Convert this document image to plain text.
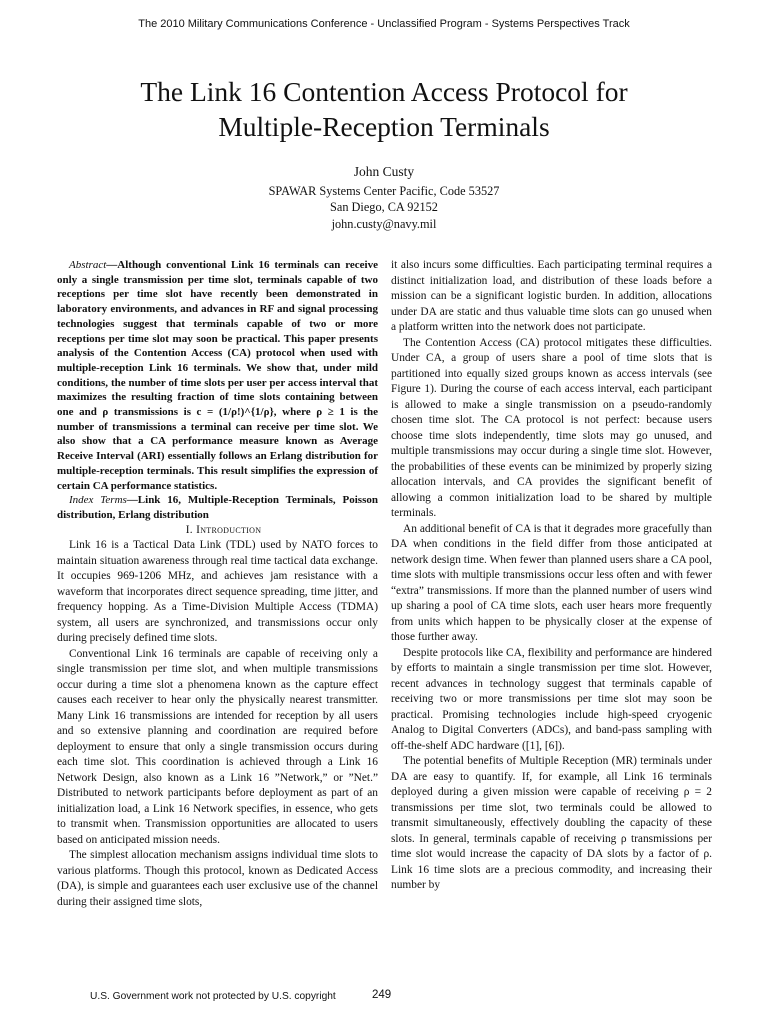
The 2010 Military Communications Conference - Unclassified Program - Systems Perspectives Track
The Link 16 Contention Access Protocol for
Multiple-Reception Terminals
John Custy
SPAWAR Systems Center Pacific, Code 53527
San Diego, CA 92152
john.custy@navy.mil

Abstract—Although conventional Link 16 terminals can receive only a single transmission per time slot, terminals capable of two receptions per time slot have recently been demonstrated in laboratory environments, and advances in RF and signal processing technologies suggest that terminals capable of two or more receptions per time slot may soon be practical. This paper presents analysis of the Contention Access (CA) protocol when used with multiple-reception Link 16 terminals. We show that, under mild conditions, the number of time slots per user per access interval that maximizes the resulting fraction of time slots containing between one and ρ transmissions is c = (1/ρ!)^{1/ρ}, where ρ ≥ 1 is the number of transmissions a terminal can receive per time slot. We also show that a CA performance measure known as Average Receive Interval (ARI) essentially follows an Erlang distribution for multiple-reception terminals. This result simplifies the expression of certain CA performance statistics.

Index Terms—Link 16, Multiple-Reception Terminals, Poisson distribution, Erlang distribution

I. Introduction

Link 16 is a Tactical Data Link (TDL) used by NATO forces to maintain situation awareness through real time tactical data exchange. It occupies 969-1206 MHz, and achieves jam resistance with a waveform that incorporates direct sequence spreading, time jitter, and frequency hopping. As a Time-Division Multiple Access (TDMA) system, all users are synchronized, and transmissions occur only during precisely defined time slots.

Conventional Link 16 terminals are capable of receiving only a single transmission per time slot, and when multiple transmissions occur during a time slot a phenomena known as the capture effect causes each receiver to hear only the physically nearest transmitter. Many Link 16 transmissions are intended for reception by all users and so extensive planning and coordination are required before deployment to ensure that only a single transmission occurs during each time slot. This coordination is achieved through a Link 16 Network Design, also known as a Link 16 ”Network,” or ”Net.” Distributed to network participants before deployment as part of an initialization load, a Link 16 Network specifies, in essence, who gets to transmit when. Transmission opportunities are allocated to users based on anticipated mission needs.

The simplest allocation mechanism assigns individual time slots to various platforms. Though this protocol, known as Dedicated Access (DA), is simple and guarantees each user exclusive use of the channel during their assigned time slots,

it also incurs some difficulties. Each participating terminal requires a distinct initialization load, and distribution of these loads before a mission can be a significant logistic burden. In addition, allocations under DA are static and thus valuable time slots can go unused when a platform written into the network does not participate.

The Contention Access (CA) protocol mitigates these difficulties. Under CA, a group of users share a pool of time slots that is partitioned into equally sized groups known as access intervals (see Figure 1). During the course of each access interval, each participant is allowed to make a single transmission on a pseudo-randomly chosen time slot. The CA protocol is not perfect: because users choose time slots independently, time slots may go unused, and multiple transmissions may occur during a single time slot. However, the probabilities of these events can be minimized by properly sizing allocation intervals, and CA provides the significant benefit of allowing a common initialization load to be shared by multiple terminals.

An additional benefit of CA is that it degrades more gracefully than DA when conditions in the field differ from those anticipated at network design time. When fewer than planned users share a CA pool, time slots with multiple transmissions occur less often and with fewer “extra” transmissions. If more than the planned number of users wind up sharing a pool of CA time slots, each user hears more frequently from units which happen to be physically closer at the expense of those further away.

Despite protocols like CA, flexibility and performance are hindered by efforts to maintain a single transmission per time slot. However, recent advances in technology suggest that terminals capable of receiving two or more transmissions per time slot may soon be practical. Promising technologies include high-speed cryogenic Analog to Digital Converters (ADCs), and band-pass sampling with off-the-shelf ADC hardware ([1], [6]).

The potential benefits of Multiple Reception (MR) terminals under DA are easy to quantify. If, for example, all Link 16 terminals deployed during a given mission were capable of receiving ρ = 2 transmissions per time slot, two terminals could be allowed to transmit simultaneously, effectively doubling the capacity of these slots. In general, terminals capable of receiving ρ transmissions per time slot would increase the capacity of DA slots by a factor of ρ. Link 16 time slots are a precious commodity, and increasing their number by

U.S. Government work not protected by U.S. copyright	249
